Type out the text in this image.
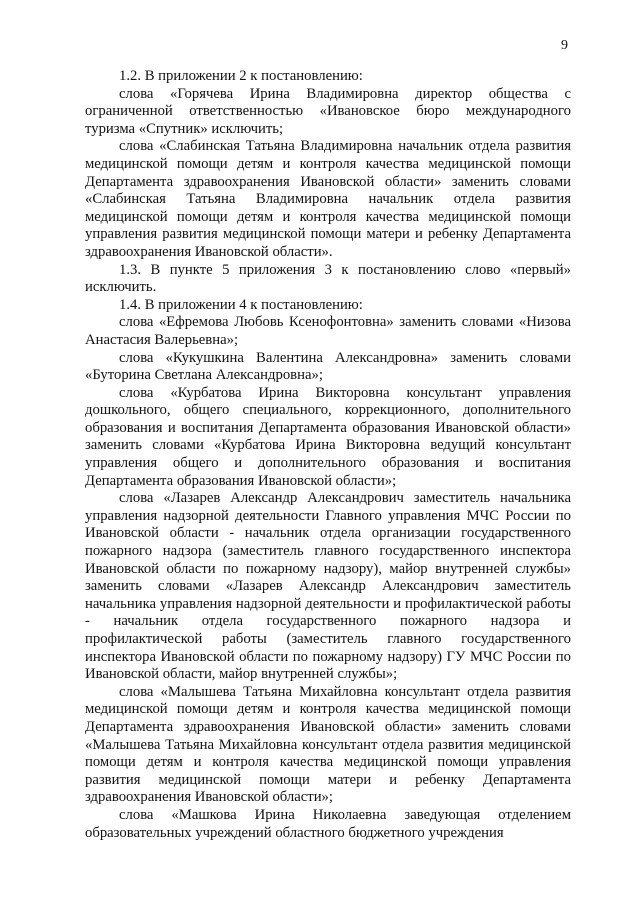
9

1.2. В приложении 2 к постановлению:

слова «Горячева Ирина Владимировна директор общества с ограниченной ответственностью «Ивановское бюро международного туризма «Спутник» исключить;

слова «Слабинская Татьяна Владимировна начальник отдела развития медицинской помощи детям и контроля качества медицинской помощи Департамента здравоохранения Ивановской области» заменить словами «Слабинская Татьяна Владимировна начальник отдела развития медицинской помощи детям и контроля качества медицинской помощи управления развития медицинской помощи матери и ребенку Департамента здравоохранения Ивановской области».

1.3. В пункте 5 приложения 3 к постановлению слово «первый» исключить.

1.4. В приложении 4 к постановлению:

слова «Ефремова Любовь Ксенофонтовна» заменить словами «Низова Анастасия Валерьевна»;

слова «Кукушкина Валентина Александровна» заменить словами «Буторина Светлана Александровна»;

слова «Курбатова Ирина Викторовна консультант управления дошкольного, общего специального, коррекционного, дополнительного образования и воспитания Департамента образования Ивановской области» заменить словами «Курбатова Ирина Викторовна ведущий консультант управления общего и дополнительного образования и воспитания Департамента образования Ивановской области»;

слова «Лазарев Александр Александрович заместитель начальника управления надзорной деятельности Главного управления МЧС России по Ивановской области - начальник отдела организации государственного пожарного надзора (заместитель главного государственного инспектора Ивановской области по пожарному надзору), майор внутренней службы» заменить словами «Лазарев Александр Александрович заместитель начальника управления надзорной деятельности и профилактической работы - начальник отдела государственного пожарного надзора и профилактической работы (заместитель главного государственного инспектора Ивановской области по пожарному надзору) ГУ МЧС России по Ивановской области, майор внутренней службы»;

слова «Малышева Татьяна Михайловна консультант отдела развития медицинской помощи детям и контроля качества медицинской помощи Департамента здравоохранения Ивановской области» заменить словами «Малышева Татьяна Михайловна консультант отдела развития медицинской помощи детям и контроля качества медицинской помощи управления развития медицинской помощи матери и ребенку Департамента здравоохранения Ивановской области»;

слова «Машкова Ирина Николаевна заведующая отделением образовательных учреждений областного бюджетного учреждения
